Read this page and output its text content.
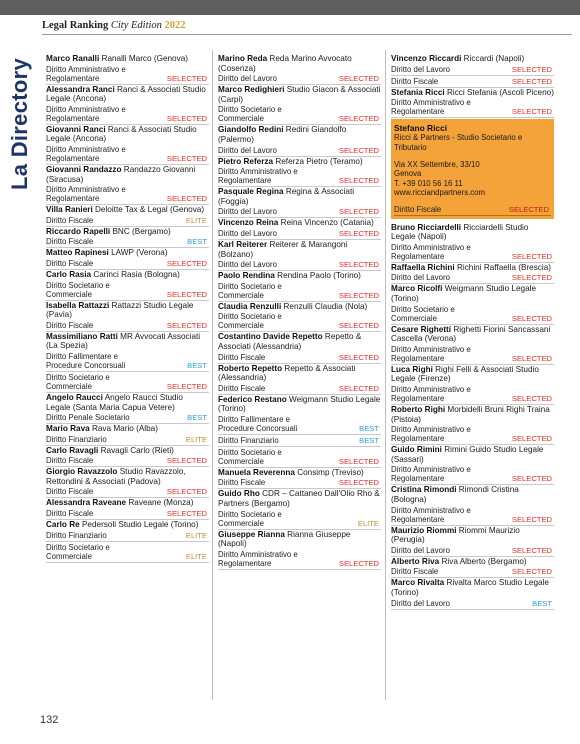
Legal Ranking City Edition 2022
La Directory Marco Ranalli Ranalli Marco (Genova)
Diritto Amministrativo e Regolamentare	SELECTED
Alessandra Ranci Ranci & Associati Studio Legale (Ancona)
Diritto Amministrativo e Regolamentare	SELECTED
Giovanni Ranci Ranci & Associati Studio Legale (Ancona)
Diritto Amministrativo e Regolamentare	SELECTED
Giovanni Randazzo Randazzo Giovanni (Siracusa)
Diritto Amministrativo e Regolamentare	SELECTED
Villa Ranieri Deloitte Tax & Legal (Genova)
Diritto Fiscale	ELITE
Riccardo Rapelli BNC (Bergamo)
Diritto Fiscale	BEST
Matteo Rapinesi LAWP (Verona)
Diritto Fiscale	SELECTED
Carlo Rasia Carinci Rasia (Bologna)
Diritto Societario e Commerciale	SELECTED
Isabella Rattazzi Rattazzi Studio Legale (Pavia)
Diritto Fiscale	SELECTED
Massimiliano Ratti MR Avvocati Associati (La Spezia)
Diritto Fallimentare e Procedure Concorsuali	BEST
Diritto Societario e Commerciale	SELECTED
Angelo Raucci Angelo Raucci Studio Legale (Santa Maria Capua Vetere)
Diritto Penale Societario	BEST
Mario Rava Rava Mario (Alba)
Diritto Finanziario	ELITE
Carlo Ravagli Ravagli Carlo (Rieti)
Diritto Fiscale	SELECTED
Giorgio Ravazzolo Studio Ravazzolo, Rettondini & Associati (Padova)
Diritto Fiscale	SELECTED
Alessandra Raveane Raveane (Monza)
Diritto Fiscale	SELECTED
Carlo Re Pedersoli Studio Legale (Torino)
Diritto Finanziario	ELITE
Diritto Societario e Commerciale	ELITE
Marino Reda Reda Marino Avvocato (Cosenza)
Diritto del Lavoro	SELECTED
Marco Redighieri Studio Giacon & Associati (Carpi)
Diritto Societario e Commerciale	SELECTED
Giandolfo Redini Redini Giandolfo (Palermo)
Diritto del Lavoro	SELECTED
Pietro Referza Referza Pietro (Teramo)
Diritto Amministrativo e Regolamentare	SELECTED
Pasquale Regina Regina & Associati (Foggia)
Diritto del Lavoro	SELECTED
Vincenzo Reina Reina Vincenzo (Catania)
Diritto del Lavoro	SELECTED
Karl Reiterer Reiterer & Marangoni (Bolzano)
Diritto del Lavoro	SELECTED
Paolo Rendina Rendina Paolo (Torino)
Diritto Societario e Commerciale	SELECTED
Claudia Renzulli Renzulli Claudia (Nola)
Diritto Societario e Commerciale	SELECTED
Costantino Davide Repetto Repetto & Associati (Alessandria)
Diritto Fiscale	SELECTED
Roberto Repetto Repetto & Associati (Alessandria)
Diritto Fiscale	SELECTED
Federico Restano Weigmann Studio Legale (Torino)
Diritto Fallimentare e Procedure Concorsuali	BEST
Diritto Finanziario	BEST
Diritto Societario e Commerciale	SELECTED
Manuela Reverenna Consimp (Treviso)
Diritto Fiscale	SELECTED
Guido Rho CDR – Cattaneo Dall'Olio Rho & Partners (Bergamo)
Diritto Societario e Commerciale	ELITE
Giuseppe Rianna Rianna Giuseppe (Napoli)
Diritto Amministrativo e Regolamentare	SELECTED
Vincenzo Riccardi Riccardi (Napoli)
Diritto del Lavoro	SELECTED
Diritto Fiscale	SELECTED
Stefania Ricci Ricci Stefania (Ascoli Piceno)
Diritto Amministrativo e Regolamentare	SELECTED
Stefano Ricci
Ricci & Partners - Studio Societario e Tributario
Via XX Settembre, 33/10
Genova
T. +39 010 56 16 11
www.ricciandpartners.com
Diritto Fiscale	SELECTED
Bruno Ricciardelli Ricciardelli Studio Legale (Napoli)
Diritto Amministrativo e Regolamentare	SELECTED
Raffaella Richini Richini Raffaella (Brescia)
Diritto del Lavoro	SELECTED
Marco Ricolfi Weigmann Studio Legale (Torino)
Diritto Societario e Commerciale	SELECTED
Cesare Righetti Righetti Fiorini Sancassani Cascella (Verona)
Diritto Amministrativo e Regolamentare	SELECTED
Luca Righi Righi Felli & Associati Studio Legale (Firenze)
Diritto Amministrativo e Regolamentare	SELECTED
Roberto Righi Morbidelli Bruni Righi Traina (Pistoia)
Diritto Amministrativo e Regolamentare	SELECTED
Guido Rimini Rimini Guido Studio Legale (Sassari)
Diritto Amministrativo e Regolamentare	SELECTED
Cristina Rimondi Rimondi Cristina (Bologna)
Diritto Amministrativo e Regolamentare	SELECTED
Maurizio Riommi Riommi Maurizio (Perugia)
Diritto del Lavoro	SELECTED
Alberto Riva Riva Alberto (Bergamo)
Diritto Fiscale	SELECTED
Marco Rivalta Rivalta Marco Studio Legale (Torino)
Diritto del Lavoro	BEST
132
